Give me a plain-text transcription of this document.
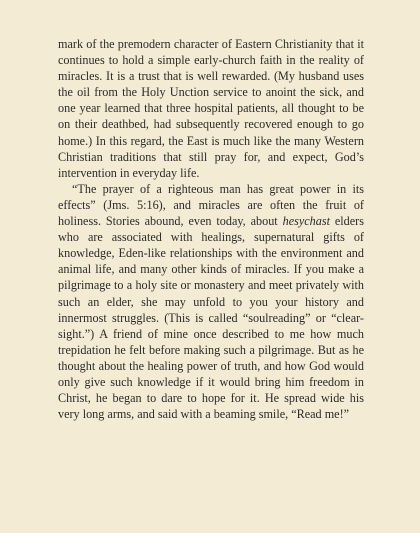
mark of the premodern character of Eastern Christianity that it continues to hold a simple early-church faith in the reality of miracles. It is a trust that is well rewarded. (My husband uses the oil from the Holy Unction service to anoint the sick, and one year learned that three hospital patients, all thought to be on their deathbed, had subsequently recovered enough to go home.) In this regard, the East is much like the many Western Christian traditions that still pray for, and expect, God’s intervention in everyday life.

“The prayer of a righteous man has great power in its effects” (Jms. 5:16), and miracles are often the fruit of holiness. Stories abound, even today, about hesychast elders who are associated with healings, supernatural gifts of knowledge, Eden-like relationships with the environment and animal life, and many other kinds of miracles. If you make a pilgrimage to a holy site or monastery and meet privately with such an elder, she may unfold to you your history and innermost struggles. (This is called “soulreading” or “clear-sight.”) A friend of mine once described to me how much trepidation he felt before making such a pilgrimage. But as he thought about the healing power of truth, and how God would only give such knowledge if it would bring him freedom in Christ, he began to dare to hope for it. He spread wide his very long arms, and said with a beaming smile, “Read me!”
